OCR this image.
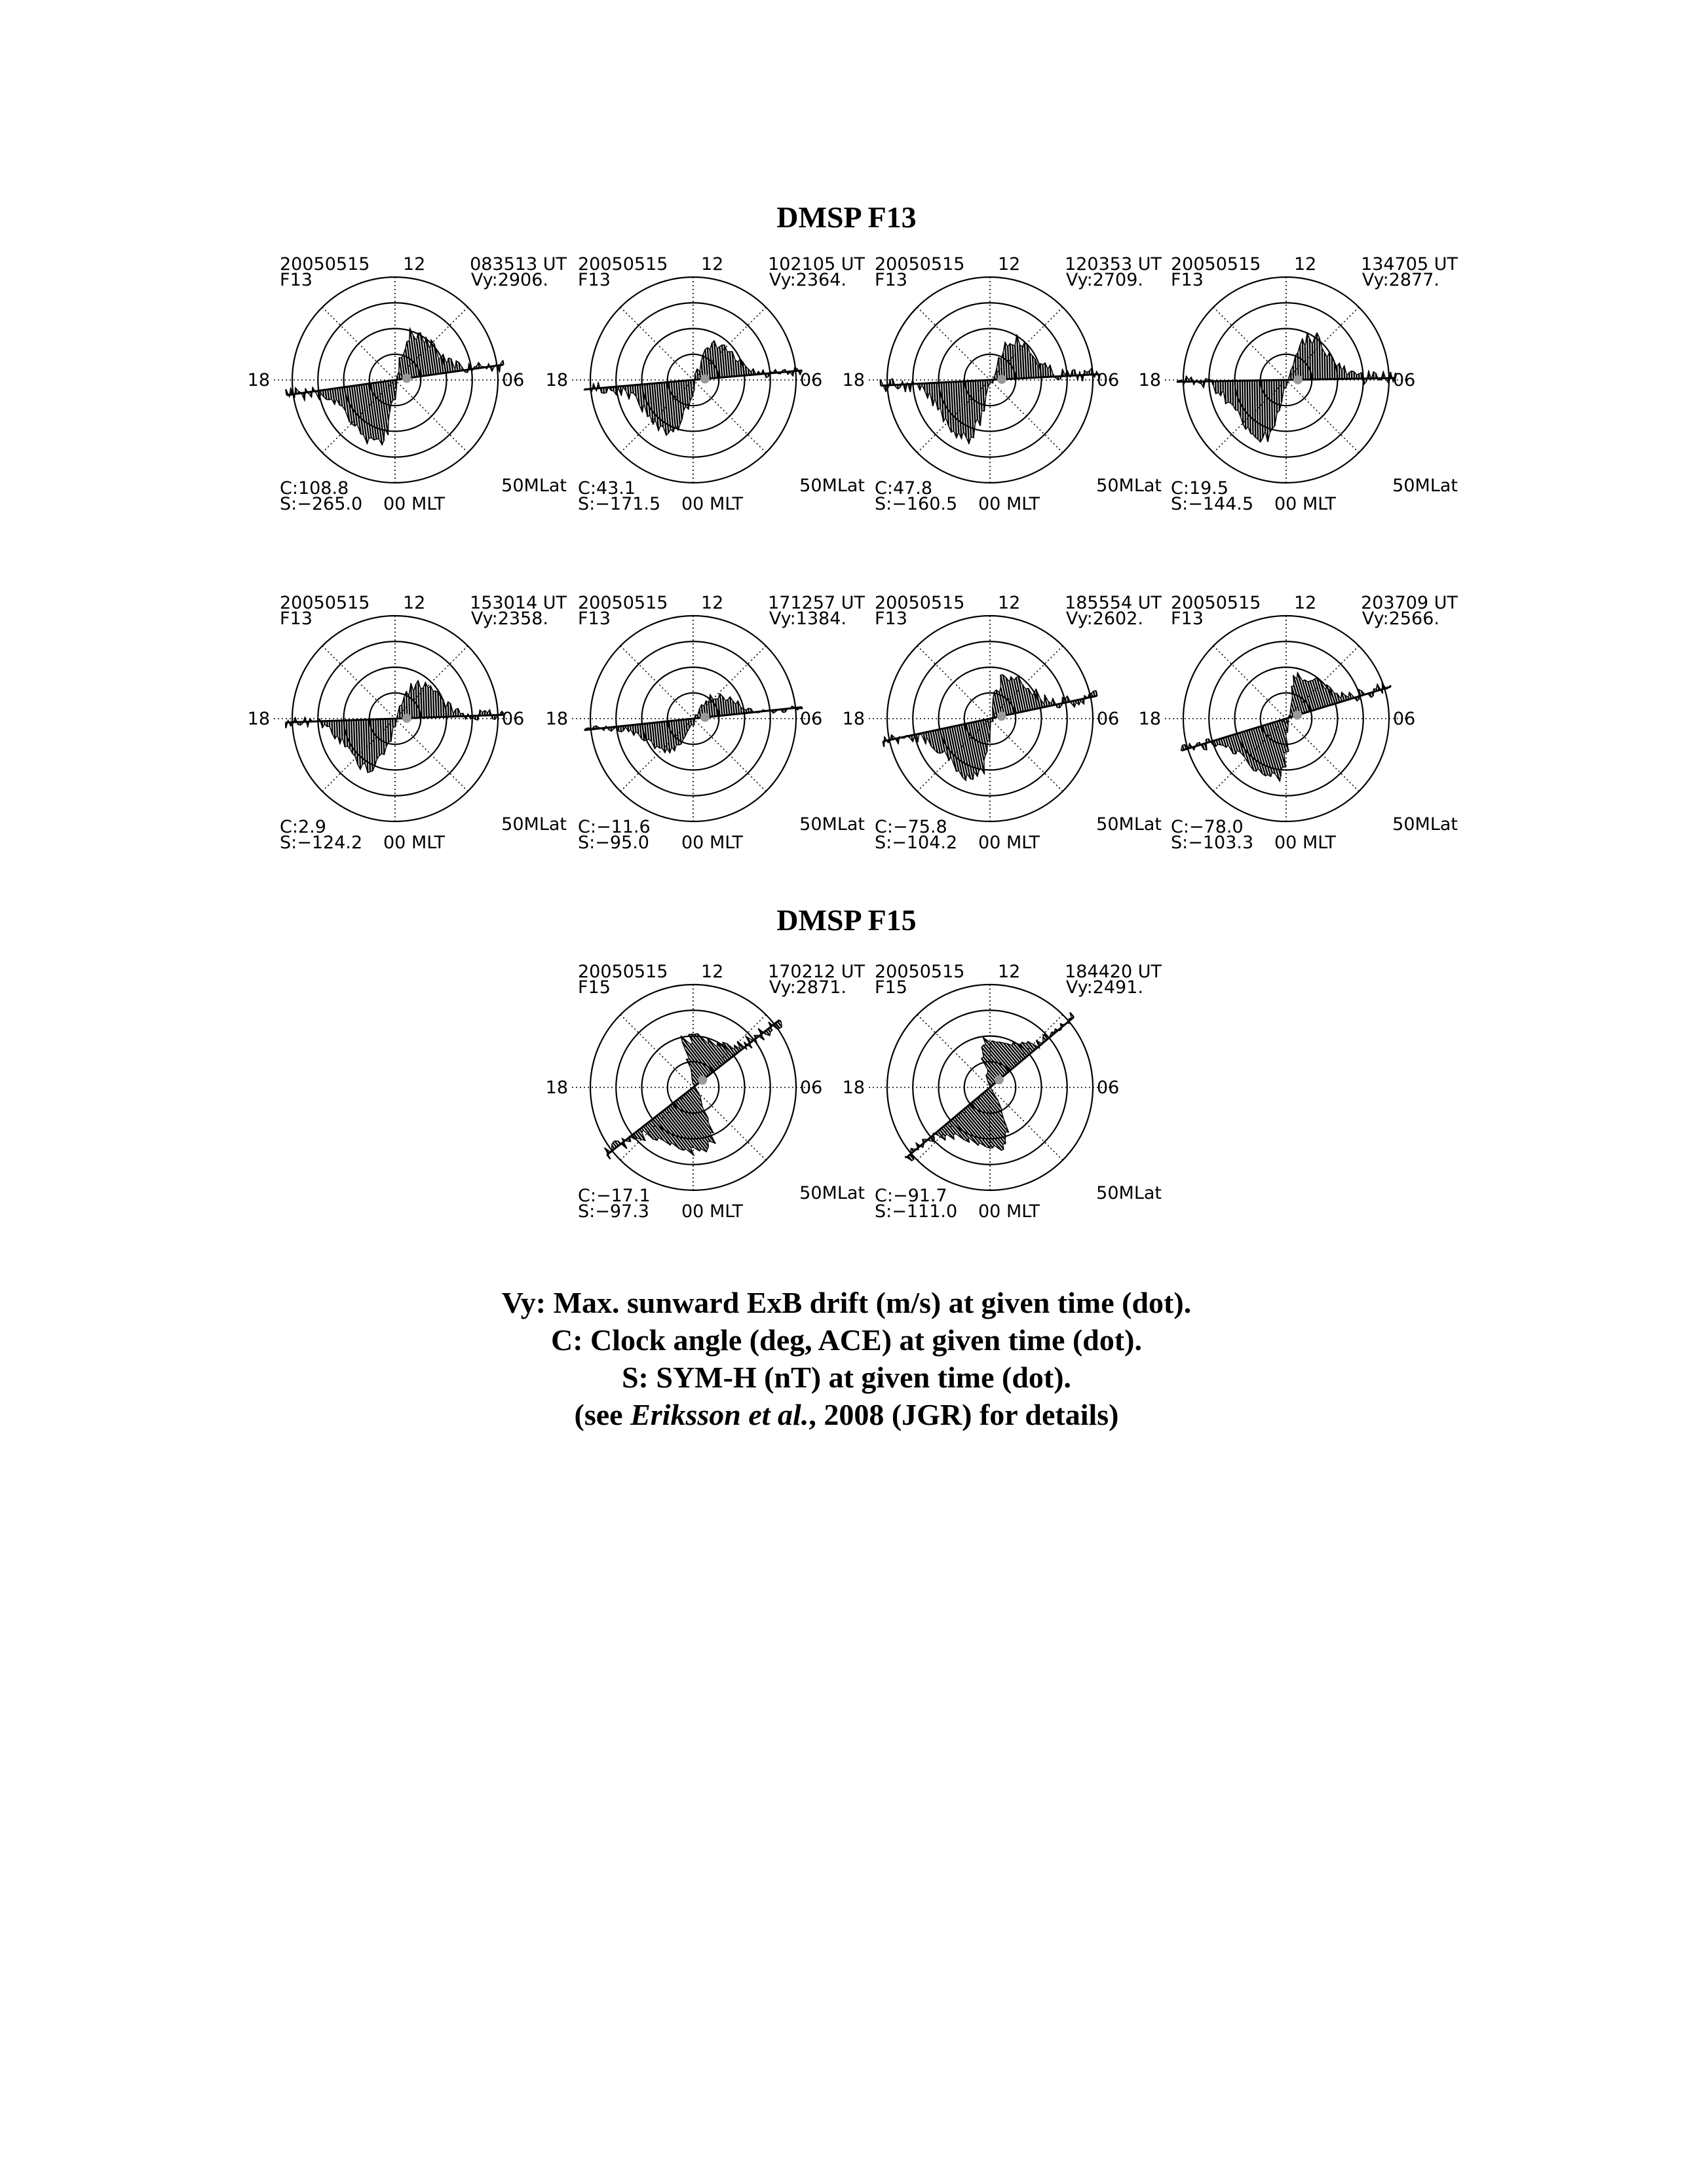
DMSP F13
DMSP F15
20050515 12	083513 UT
F13	Vy:2906.
18	06
50MLat
C:108.8
S:−265.0 00 MLT
20050515 12	102105 UT
F13	Vy:2364.
18	06
50MLat
C:43.1
S:−171.5 00 MLT
20050515 12	120353 UT
F13	Vy:2709.
18	06
50MLat
C:47.8
S:−160.5 00 MLT
20050515 12	134705 UT
F13	Vy:2877.
18	06
50MLat
C:19.5
S:−144.5 00 MLT
20050515 12	153014 UT
F13	Vy:2358.
18	06
50MLat
C:2.9
S:−124.2 00 MLT
20050515 12	171257 UT
F13	Vy:1384.
18	06
50MLat
C:−11.6
S:−95.0 00 MLT
20050515 12	185554 UT
F13	Vy:2602.
18	06
50MLat
C:−75.8
S:−104.2 00 MLT
20050515 12	203709 UT
F13	Vy:2566.
18	06
50MLat
C:−78.0
S:−103.3 00 MLT
20050515 12	170212 UT
F15	Vy:2871.
18	06
50MLat
C:−17.1
S:−97.3 00 MLT
20050515 12	184420 UT
F15	Vy:2491.
18	06
50MLat
C:−91.7
S:−111.0 00 MLT
Vy: Max. sunward ExB drift (m/s) at given time (dot).
C: Clock angle (deg, ACE) at given time (dot).
S: SYM-H (nT) at given time (dot).
(see Eriksson et al., 2008 (JGR) for details)
